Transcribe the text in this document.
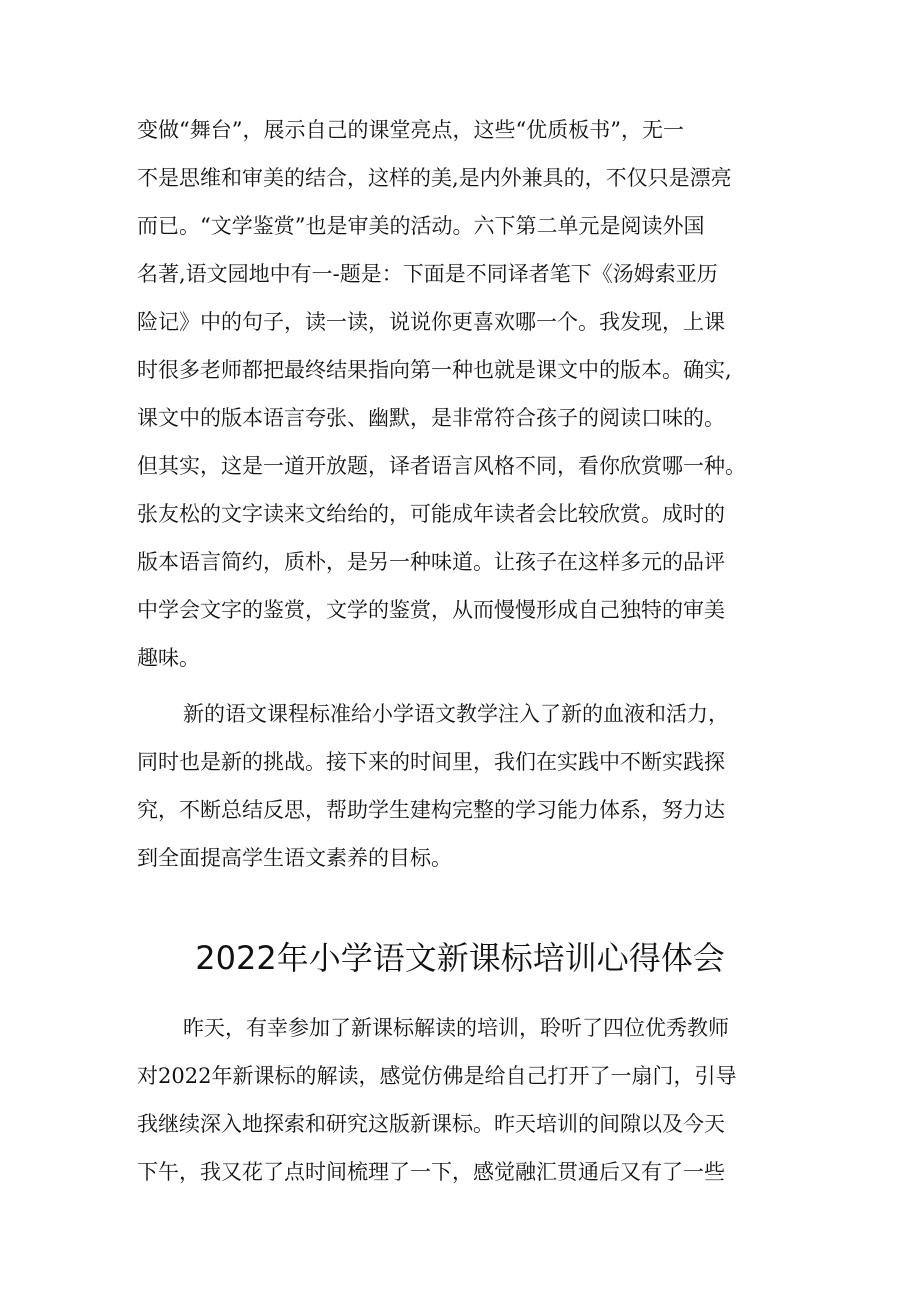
变做“舞台”，展示自己的课堂亮点，这些“优质板书”，无一
不是思维和审美的结合，这样的美,是内外兼具的，不仅只是漂亮
而已。“文学鉴赏”也是审美的活动。六下第二单元是阅读外国
名著,语文园地中有一-题是：下面是不同译者笔下《汤姆索亚历
险记》中的句子，读一读，说说你更喜欢哪一个。我发现，上课
时很多老师都把最终结果指向第一种也就是课文中的版本。确实,
课文中的版本语言夸张、幽默，是非常符合孩子的阅读口味的。
但其实，这是一道开放题，译者语言风格不同，看你欣赏哪一种。
张友松的文字读来文绐绐的，可能成年读者会比较欣赏。成时的
版本语言简约，质朴，是另一种味道。让孩子在这样多元的品评
中学会文字的鉴赏，文学的鉴赏，从而慢慢形成自己独特的审美
趣味。
新的语文课程标准给小学语文教学注入了新的血液和活力，
同时也是新的挑战。接下来的时间里，我们在实践中不断实践探
究，不断总结反思，帮助学生建构完整的学习能力体系，努力达
到全面提高学生语文素养的目标。
2022年小学语文新课标培训心得体会
昨天，有幸参加了新课标解读的培训，聆听了四位优秀教师
对2022年新课标的解读，感觉仿佛是给自己打开了一扇门，引导
我继续深入地探索和研究这版新课标。昨天培训的间隙以及今天
下午，我又花了点时间梳理了一下，感觉融汇贯通后又有了一些
